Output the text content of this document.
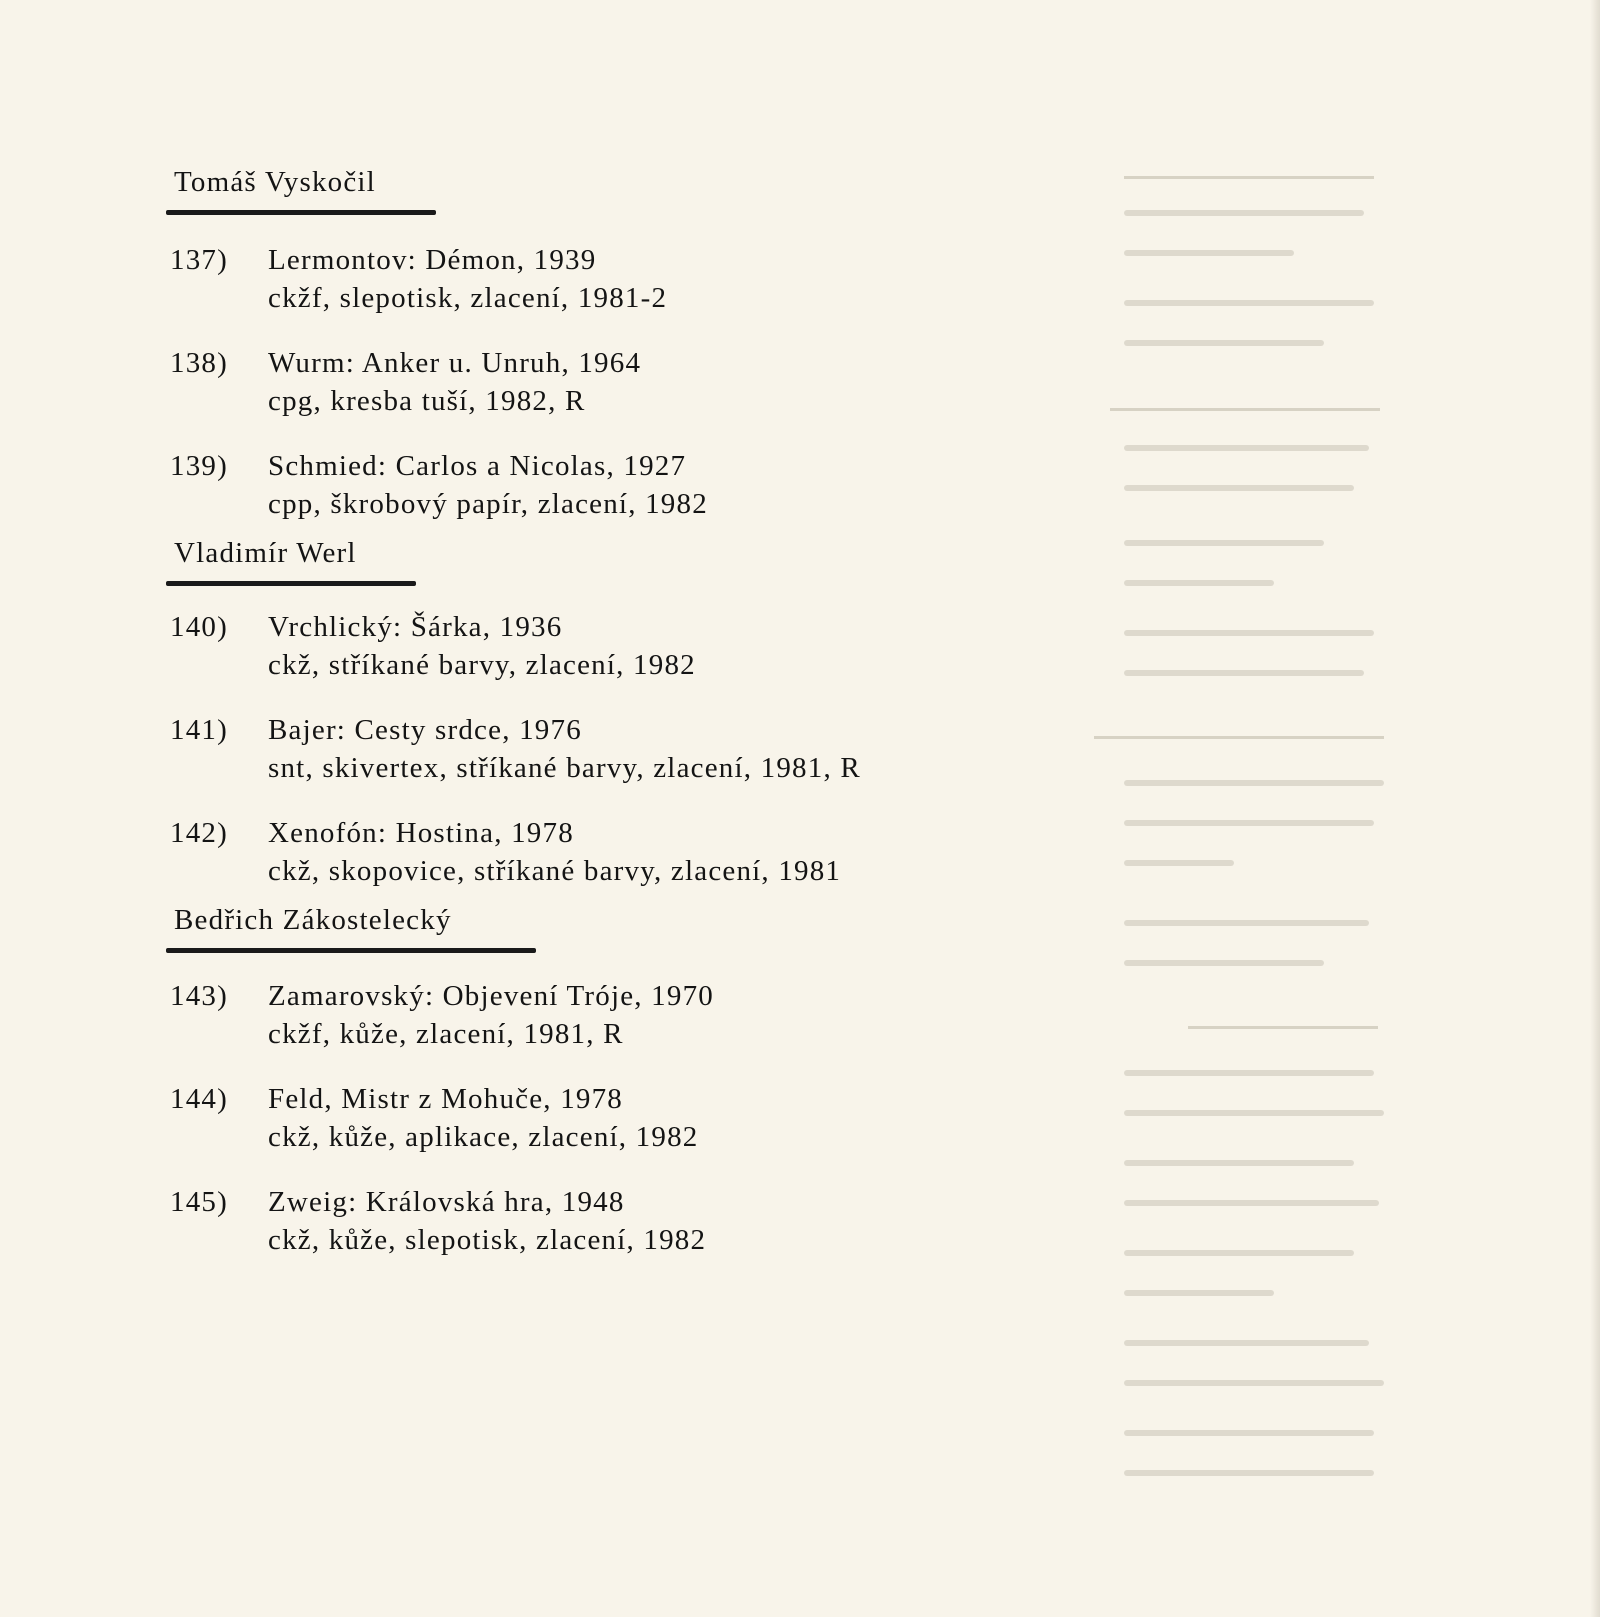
Tomáš Vyskočil
137)	Lermontov: Démon, 1939
ckžf, slepotisk, zlacení, 1981-2
138)	Wurm: Anker u. Unruh, 1964
cpg, kresba tuší, 1982, R
139)	Schmied: Carlos a Nicolas, 1927
cpp, škrobový papír, zlacení, 1982
Vladimír Werl
140)	Vrchlický: Šárka, 1936
ckž, stříkané barvy, zlacení, 1982
141)	Bajer: Cesty srdce, 1976
snt, skivertex, stříkané barvy, zlacení, 1981, R
142)	Xenofón: Hostina, 1978
ckž, skopovice, stříkané barvy, zlacení, 1981
Bedřich Zákostelecký
143)	Zamarovský: Objevení Tróje, 1970
ckžf, kůže, zlacení, 1981, R
144)	Feld, Mistr z Mohuče, 1978
ckž, kůže, aplikace, zlacení, 1982
145)	Zweig: Královská hra, 1948
ckž, kůže, slepotisk, zlacení, 1982
